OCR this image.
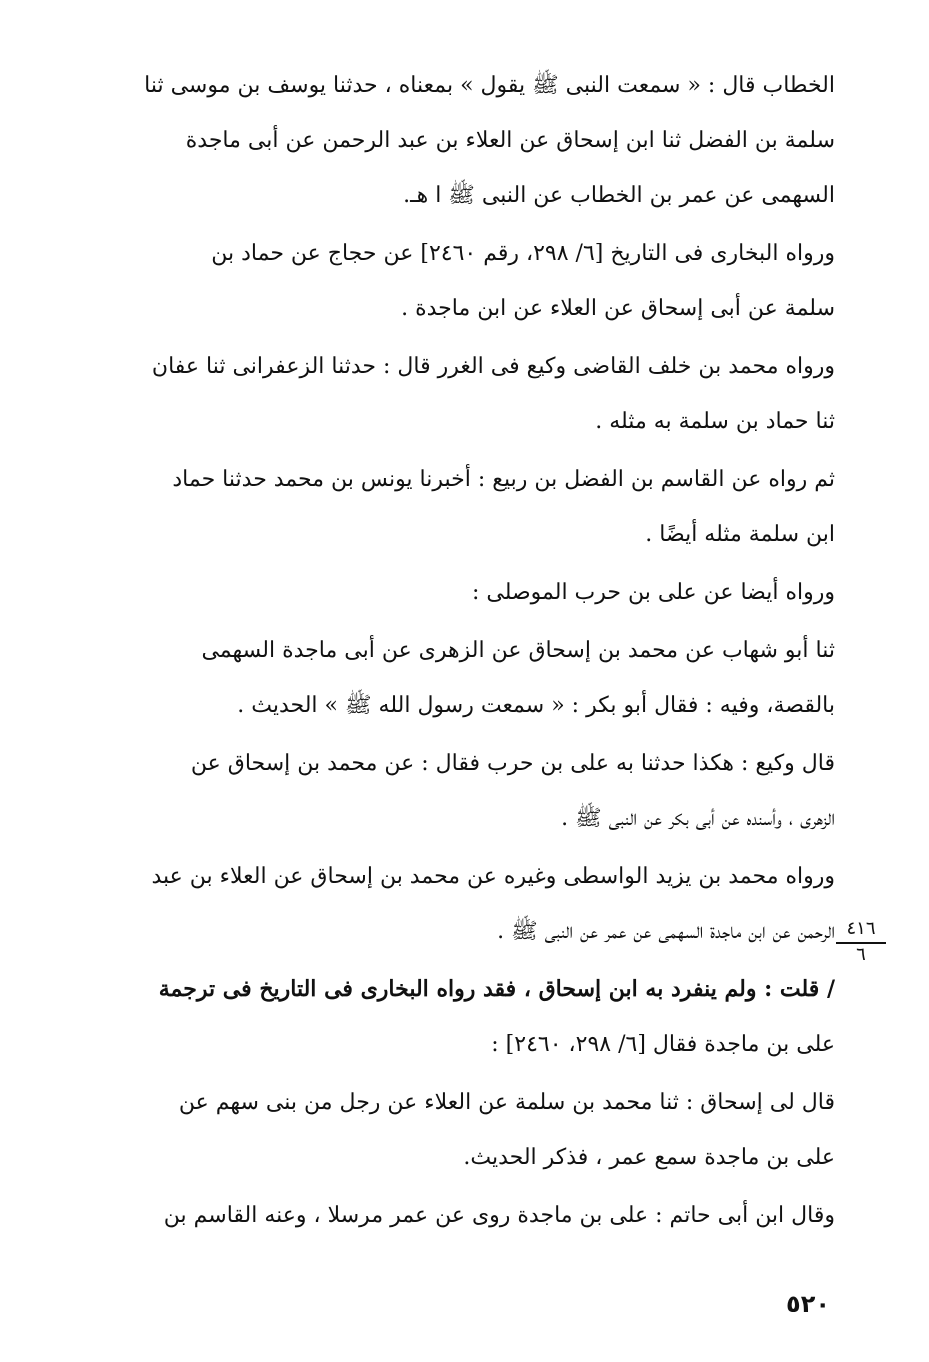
الخطاب قال : « سمعت النبى ﷺ يقول » بمعناه ، حدثنا يوسف بن موسى ثنا
سلمة بن الفضل ثنا ابن إسحاق عن العلاء بن عبد الرحمن عن أبى ماجدة
السهمى عن عمر بن الخطاب عن النبى ﷺ ا هـ.

ورواه البخارى فى التاريخ [٦/ ٢٩٨، رقم ٢٤٦٠] عن حجاج عن حماد بن
سلمة عن أبى إسحاق عن العلاء عن ابن ماجدة .

ورواه محمد بن خلف القاضى وكيع فى الغرر قال : حدثنا الزعفرانى ثنا عفان
ثنا حماد بن سلمة به مثله .

ثم رواه عن القاسم بن الفضل بن ربيع : أخبرنا يونس بن محمد حدثنا حماد
ابن سلمة مثله أيضًا .

ورواه أيضا عن على بن حرب الموصلى :

ثنا أبو شهاب عن محمد بن إسحاق عن الزهرى عن أبى ماجدة السهمى
بالقصة، وفيه : فقال أبو بكر : « سمعت رسول الله ﷺ » الحديث .

قال وكيع : هكذا حدثنا به على بن حرب فقال : عن محمد بن إسحاق عن
الزهرى ، وأسنده عن أبى بكر عن النبى ﷺ .

ورواه محمد بن يزيد الواسطى وغيره عن محمد بن إسحاق عن العلاء بن عبد
الرحمن عن ابن ماجدة السهمى عن عمر عن النبى ﷺ .

/ قلت : ولم ينفرد به ابن إسحاق ، فقد رواه البخارى فى التاريخ فى ترجمة
على بن ماجدة فقال [٦/ ٢٩٨، ٢٤٦٠] :

قال لى إسحاق : ثنا محمد بن سلمة عن العلاء عن رجل من بنى سهم عن
على بن ماجدة سمع عمر ، فذكر الحديث.

وقال ابن أبى حاتم : على بن ماجدة روى عن عمر مرسلا ، وعنه القاسم بن

٤١٦
٦
٥٢٠
